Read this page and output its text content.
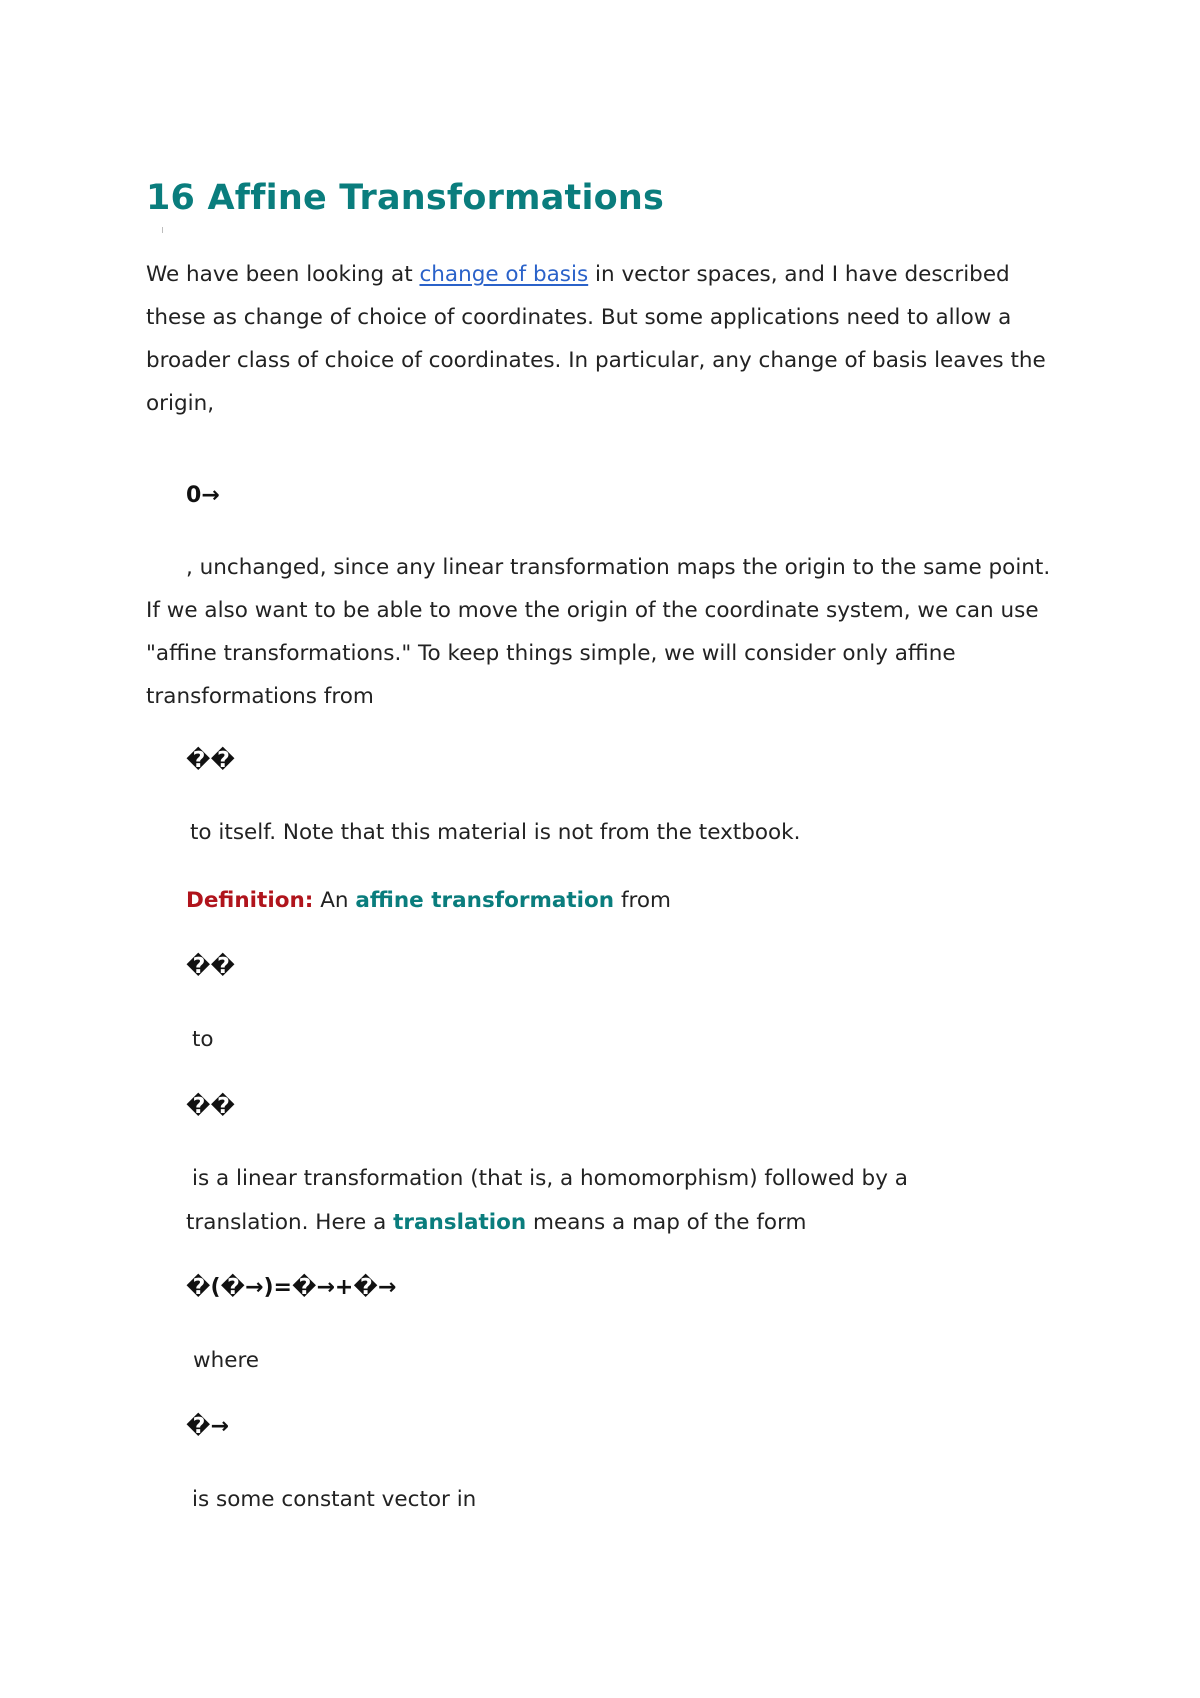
16 Affine Transformations

We have been looking at change of basis in vector spaces, and I have described these as change of choice of coordinates. But some applications need to allow a broader class of choice of coordinates. In particular, any change of basis leaves the origin,

0→

, unchanged, since any linear transformation maps the origin to the same point. If we also want to be able to move the origin of the coordinate system, we can use "affine transformations." To keep things simple, we will consider only affine transformations from

��

to itself. Note that this material is not from the textbook.

Definition: An affine transformation from

��

to

��

is a linear transformation (that is, a homomorphism) followed by a

translation. Here a translation means a map of the form

�(�→)=�→+�→

where

�→

is some constant vector in
